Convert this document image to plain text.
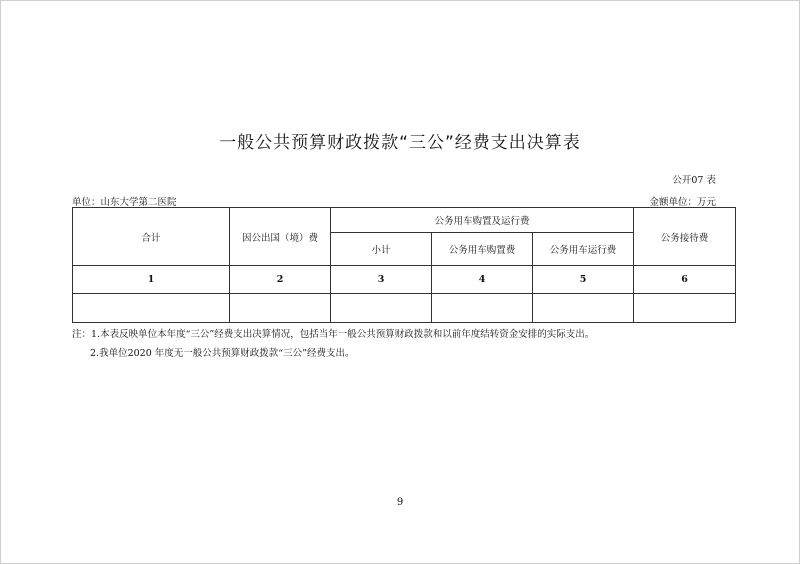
一般公共预算财政拨款“三公”经费支出决算表
公开07 表
单位：山东大学第二医院	金额单位：万元
合计	因公出国（境）费	公务用车购置及运行费			公务接待费
		小计	公务用车购置费	公务用车运行费	
1	2	3	4	5	6

注：1.本表反映单位本年度“三公”经费支出决算情况，包括当年一般公共预算财政拨款和以前年度结转资金安排的实际支出。
2.我单位2020 年度无一般公共预算财政拨款“三公”经费支出。
9
